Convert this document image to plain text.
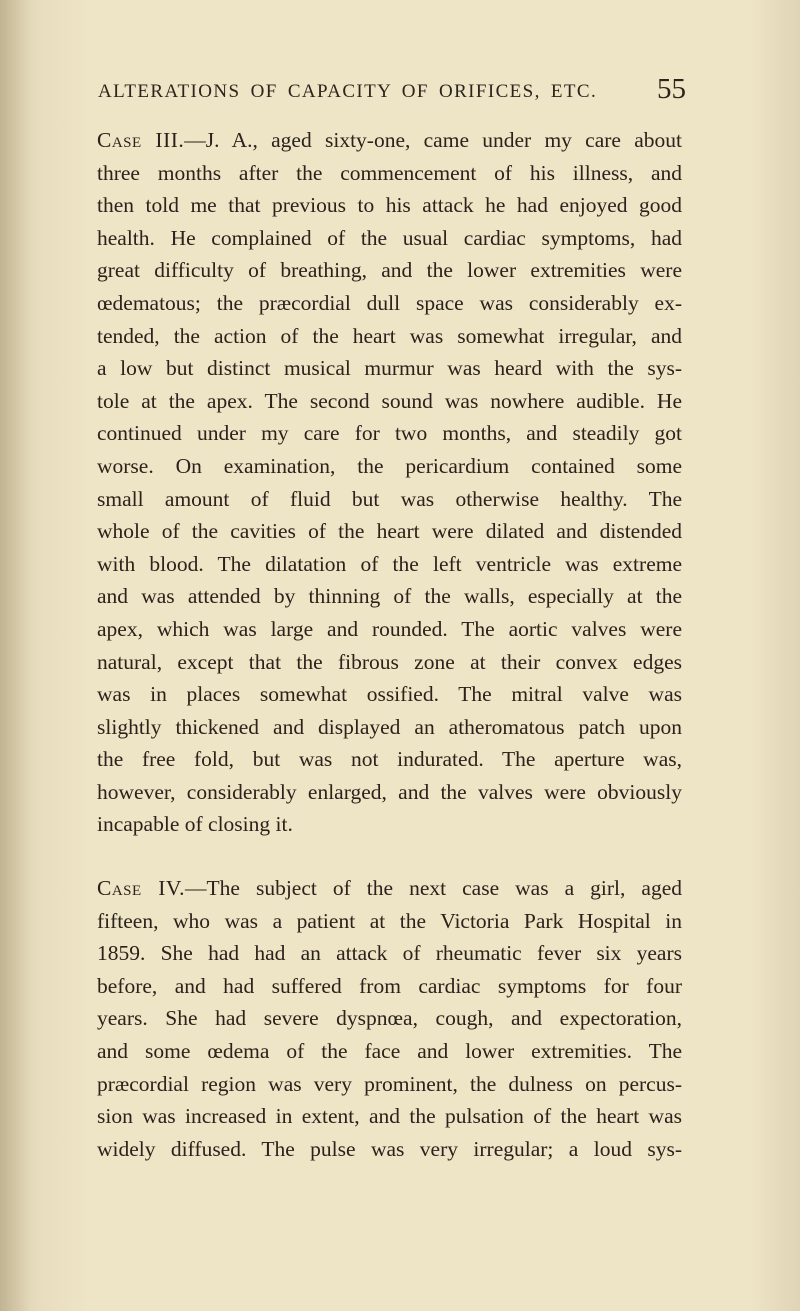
ALTERATIONS OF CAPACITY OF ORIFICES, ETC. 55

Case III.—J. A., aged sixty-one, came under my care about

three months after the commencement of his illness, and

then told me that previous to his attack he had enjoyed good

health. He complained of the usual cardiac symptoms, had

great difficulty of breathing, and the lower extremities were

œdematous; the præcordial dull space was considerably ex-

tended, the action of the heart was somewhat irregular, and

a low but distinct musical murmur was heard with the sys-

tole at the apex. The second sound was nowhere audible. He

continued under my care for two months, and steadily got

worse. On examination, the pericardium contained some

small amount of fluid but was otherwise healthy. The

whole of the cavities of the heart were dilated and distended

with blood. The dilatation of the left ventricle was extreme

and was attended by thinning of the walls, especially at the

apex, which was large and rounded. The aortic valves were

natural, except that the fibrous zone at their convex edges

was in places somewhat ossified. The mitral valve was

slightly thickened and displayed an atheromatous patch upon

the free fold, but was not indurated. The aperture was,

however, considerably enlarged, and the valves were obviously

incapable of closing it.

Case IV.—The subject of the next case was a girl, aged

fifteen, who was a patient at the Victoria Park Hospital in

1859. She had had an attack of rheumatic fever six years

before, and had suffered from cardiac symptoms for four

years. She had severe dyspnœa, cough, and expectoration,

and some œdema of the face and lower extremities. The

præcordial region was very prominent, the dulness on percus-

sion was increased in extent, and the pulsation of the heart was

widely diffused. The pulse was very irregular; a loud sys-
